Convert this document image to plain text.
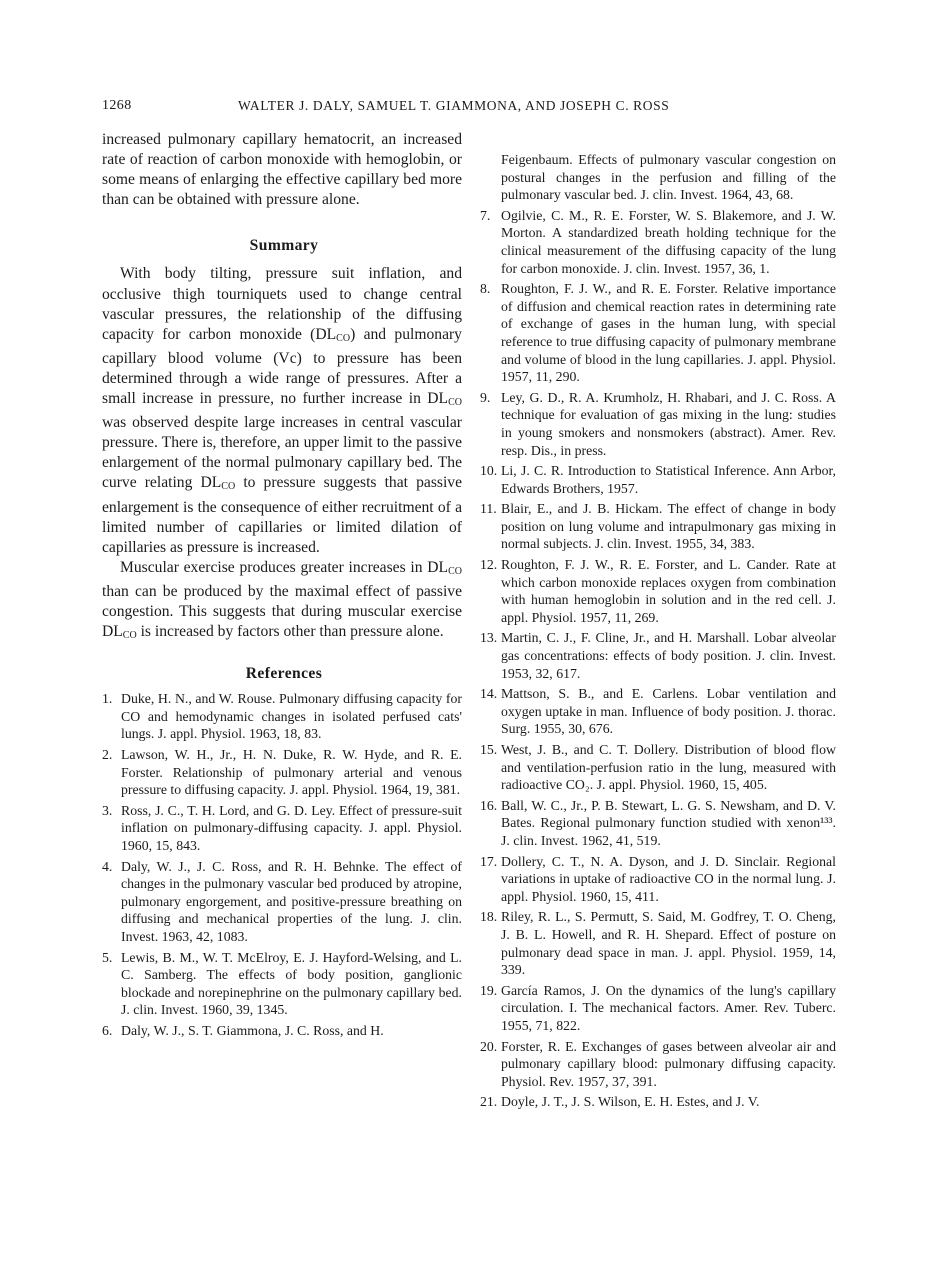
1268	WALTER J. DALY, SAMUEL T. GIAMMONA, AND JOSEPH C. ROSS

increased pulmonary capillary hematocrit, an increased rate of reaction of carbon monoxide with hemoglobin, or some means of enlarging the effective capillary bed more than can be obtained with pressure alone.

Summary

With body tilting, pressure suit inflation, and occlusive thigh tourniquets used to change central vascular pressures, the relationship of the diffusing capacity for carbon monoxide $(DL_{CO})$ and pulmonary capillary blood volume (Vc) to pressure has been determined through a wide range of pressures. After a small increase in pressure, no further increase in $DL_{CO}$ was observed despite large increases in central vascular pressure. There is, therefore, an upper limit to the passive enlargement of the normal pulmonary capillary bed. The curve relating $DL_{CO}$ to pressure suggests that passive enlargement is the consequence of either recruitment of a limited number of capillaries or limited dilation of capillaries as pressure is increased.

Muscular exercise produces greater increases in $DL_{CO}$ than can be produced by the maximal effect of passive congestion. This suggests that during muscular exercise $DL_{CO}$ is increased by factors other than pressure alone.

References
1. Duke, H. N., and W. Rouse. Pulmonary diffusing capacity for CO and hemodynamic changes in isolated perfused cats' lungs. J. appl. Physiol. 1963, 18, 83.
2. Lawson, W. H., Jr., H. N. Duke, R. W. Hyde, and R. E. Forster. Relationship of pulmonary arterial and venous pressure to diffusing capacity. J. appl. Physiol. 1964, 19, 381.
3. Ross, J. C., T. H. Lord, and G. D. Ley. Effect of pressure-suit inflation on pulmonary-diffusing capacity. J. appl. Physiol. 1960, 15, 843.
4. Daly, W. J., J. C. Ross, and R. H. Behnke. The effect of changes in the pulmonary vascular bed produced by atropine, pulmonary engorgement, and positive-pressure breathing on diffusing and mechanical properties of the lung. J. clin. Invest. 1963, 42, 1083.
5. Lewis, B. M., W. T. McElroy, E. J. Hayford-Welsing, and L. C. Samberg. The effects of body position, ganglionic blockade and norepinephrine on the pulmonary capillary bed. J. clin. Invest. 1960, 39, 1345.
6. Daly, W. J., S. T. Giammona, J. C. Ross, and H.

Feigenbaum. Effects of pulmonary vascular congestion on postural changes in the perfusion and filling of the pulmonary vascular bed. J. clin. Invest. 1964, 43, 68.

7. Ogilvie, C. M., R. E. Forster, W. S. Blakemore, and J. W. Morton. A standardized breath holding technique for the clinical measurement of the diffusing capacity of the lung for carbon monoxide. J. clin. Invest. 1957, 36, 1.
8. Roughton, F. J. W., and R. E. Forster. Relative importance of diffusion and chemical reaction rates in determining rate of exchange of gases in the human lung, with special reference to true diffusing capacity of pulmonary membrane and volume of blood in the lung capillaries. J. appl. Physiol. 1957, 11, 290.
9. Ley, G. D., R. A. Krumholz, H. Rhabari, and J. C. Ross. A technique for evaluation of gas mixing in the lung: studies in young smokers and nonsmokers (abstract). Amer. Rev. resp. Dis., in press.
10. Li, J. C. R. Introduction to Statistical Inference. Ann Arbor, Edwards Brothers, 1957.
11. Blair, E., and J. B. Hickam. The effect of change in body position on lung volume and intrapulmonary gas mixing in normal subjects. J. clin. Invest. 1955, 34, 383.
12. Roughton, F. J. W., R. E. Forster, and L. Cander. Rate at which carbon monoxide replaces oxygen from combination with human hemoglobin in solution and in the red cell. J. appl. Physiol. 1957, 11, 269.
13. Martin, C. J., F. Cline, Jr., and H. Marshall. Lobar alveolar gas concentrations: effects of body position. J. clin. Invest. 1953, 32, 617.
14. Mattson, S. B., and E. Carlens. Lobar ventilation and oxygen uptake in man. Influence of body position. J. thorac. Surg. 1955, 30, 676.
15. West, J. B., and C. T. Dollery. Distribution of blood flow and ventilation-perfusion ratio in the lung, measured with radioactive CO₂. J. appl. Physiol. 1960, 15, 405.
16. Ball, W. C., Jr., P. B. Stewart, L. G. S. Newsham, and D. V. Bates. Regional pulmonary function studied with xenon¹³³. J. clin. Invest. 1962, 41, 519.
17. Dollery, C. T., N. A. Dyson, and J. D. Sinclair. Regional variations in uptake of radioactive CO in the normal lung. J. appl. Physiol. 1960, 15, 411.
18. Riley, R. L., S. Permutt, S. Said, M. Godfrey, T. O. Cheng, J. B. L. Howell, and R. H. Shepard. Effect of posture on pulmonary dead space in man. J. appl. Physiol. 1959, 14, 339.
19. García Ramos, J. On the dynamics of the lung's capillary circulation. I. The mechanical factors. Amer. Rev. Tuberc. 1955, 71, 822.
20. Forster, R. E. Exchanges of gases between alveolar air and pulmonary capillary blood: pulmonary diffusing capacity. Physiol. Rev. 1957, 37, 391.
21. Doyle, J. T., J. S. Wilson, E. H. Estes, and J. V.
